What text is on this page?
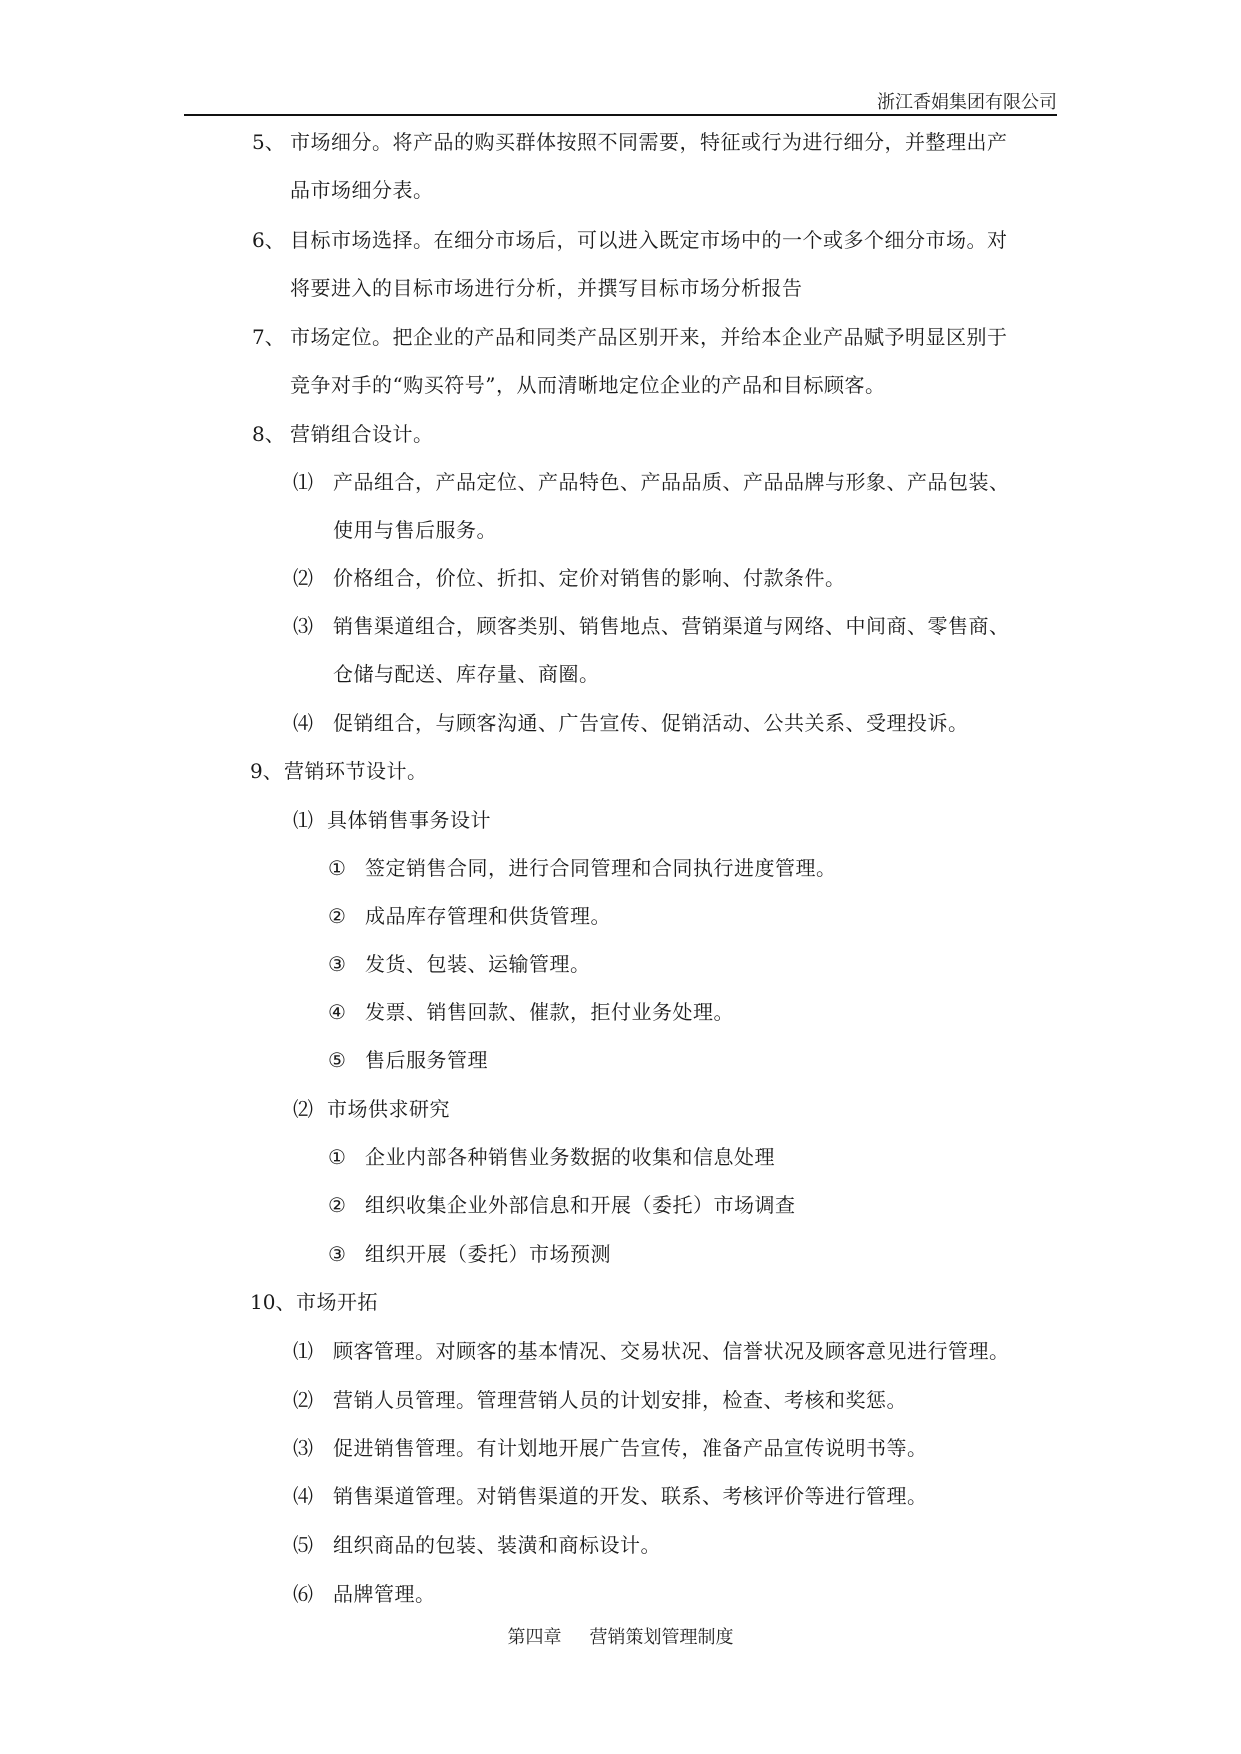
浙江香娟集团有限公司
5、 市场细分。将产品的购买群体按照不同需要，特征或行为进行细分，并整理出产
品市场细分表。
6、 目标市场选择。在细分市场后，可以进入既定市场中的一个或多个细分市场。对
将要进入的目标市场进行分析，并撰写目标市场分析报告
7、 市场定位。把企业的产品和同类产品区别开来，并给本企业产品赋予明显区别于
竞争对手的“购买符号”，从而清晰地定位企业的产品和目标顾客。
8、 营销组合设计。
⑴ 产品组合，产品定位、产品特色、产品品质、产品品牌与形象、产品包装、
使用与售后服务。
⑵ 价格组合，价位、折扣、定价对销售的影响、付款条件。
⑶ 销售渠道组合，顾客类别、销售地点、营销渠道与网络、中间商、零售商、
仓储与配送、库存量、商圈。
⑷ 促销组合，与顾客沟通、广告宣传、促销活动、公共关系、受理投诉。
9、 营销环节设计。
⑴ 具体销售事务设计
① 签定销售合同，进行合同管理和合同执行进度管理。
② 成品库存管理和供货管理。
③ 发货、包装、运输管理。
④ 发票、销售回款、催款，拒付业务处理。
⑤ 售后服务管理
⑵ 市场供求研究
① 企业内部各种销售业务数据的收集和信息处理
② 组织收集企业外部信息和开展（委托）市场调查
③ 组织开展（委托）市场预测
10、 市场开拓
⑴ 顾客管理。对顾客的基本情况、交易状况、信誉状况及顾客意见进行管理。
⑵ 营销人员管理。管理营销人员的计划安排，检查、考核和奖惩。
⑶ 促进销售管理。有计划地开展广告宣传，准备产品宣传说明书等。
⑷ 销售渠道管理。对销售渠道的开发、联系、考核评价等进行管理。
⑸ 组织商品的包装、装潢和商标设计。
⑹ 品牌管理。
第四章 营销策划管理制度
